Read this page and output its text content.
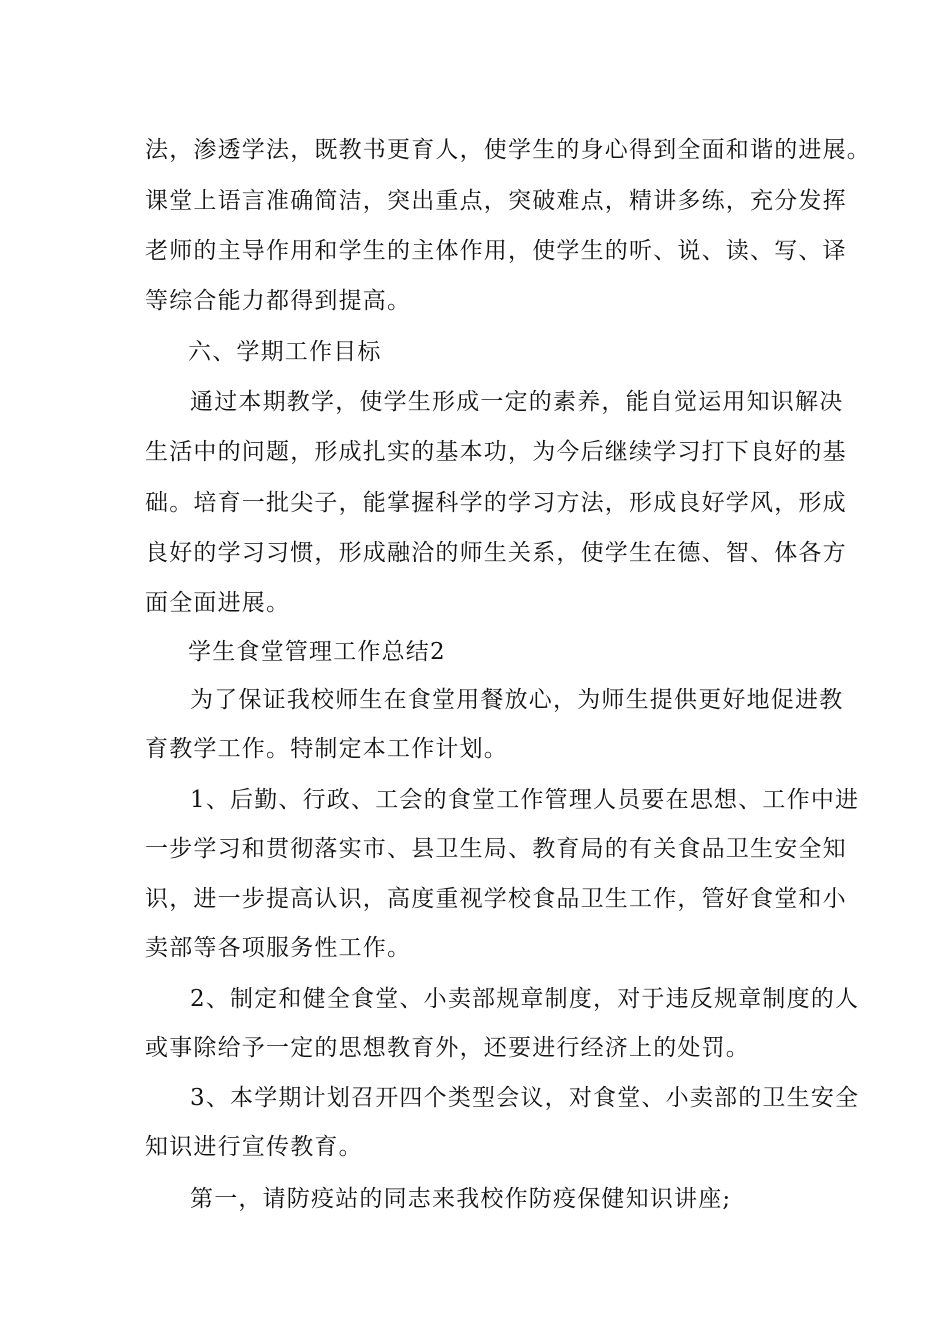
法，渗透学法，既教书更育人，使学生的身心得到全面和谐的进展。
课堂上语言准确简洁，突出重点，突破难点，精讲多练，充分发挥
老师的主导作用和学生的主体作用，使学生的听、说、读、写、译
等综合能力都得到提高。
六、学期工作目标
通过本期教学，使学生形成一定的素养，能自觉运用知识解决
生活中的问题，形成扎实的基本功，为今后继续学习打下良好的基
础。培育一批尖子，能掌握科学的学习方法，形成良好学风，形成
良好的学习习惯，形成融洽的师生关系，使学生在德、智、体各方
面全面进展。
学生食堂管理工作总结2
为了保证我校师生在食堂用餐放心，为师生提供更好地促进教
育教学工作。特制定本工作计划。
1、后勤、行政、工会的食堂工作管理人员要在思想、工作中进
一步学习和贯彻落实市、县卫生局、教育局的有关食品卫生安全知
识，进一步提高认识，高度重视学校食品卫生工作，管好食堂和小
卖部等各项服务性工作。
2、制定和健全食堂、小卖部规章制度，对于违反规章制度的人
或事除给予一定的思想教育外，还要进行经济上的处罚。
3、本学期计划召开四个类型会议，对食堂、小卖部的卫生安全
知识进行宣传教育。
第一，请防疫站的同志来我校作防疫保健知识讲座;
